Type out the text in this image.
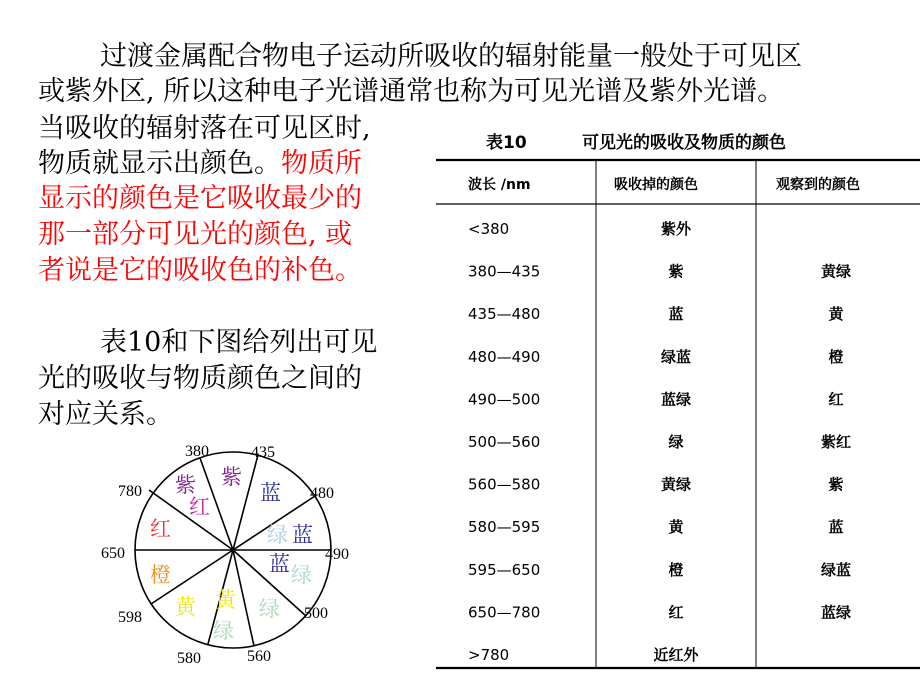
过渡金属配合物电子运动所吸收的辐射能量一般处于可见区

或紫外区, 所以这种电子光谱通常也称为可见光谱及紫外光谱。

当吸收的辐射落在可见区时,

物质就显示出颜色。物质所

显示的颜色是它吸收最少的

那一部分可见光的颜色, 或

者说是它的吸收色的补色。

表10和下图给列出可见

光的吸收与物质颜色之间的

对应关系。

380	435
480
490
500
560
580
598
650
780 紫
红
紫
蓝
绿 蓝
蓝 绿
绿
黄
绿
黄
橙
红
表10	可见光的吸收及物质的颜色
波长 /nm	吸收掉的颜色	观察到的颜色
<380	紫外
380—435	紫	黄绿
435—480	蓝	黄
480—490	绿蓝	橙
490—500	蓝绿	红
500—560	绿	紫红
560—580	黄绿	紫
580—595	黄	蓝
595—650	橙	绿蓝
650—780	红	蓝绿
>780	近红外
